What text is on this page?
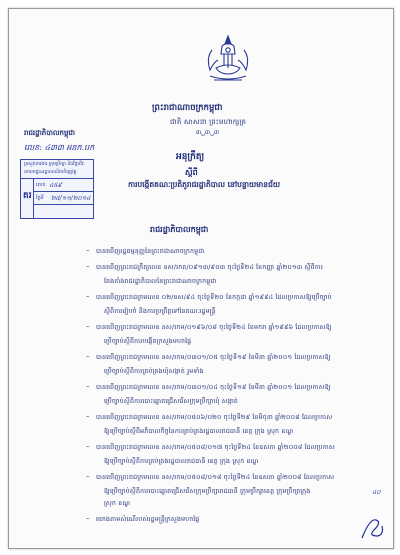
ព្រះរាជាណាចក្រកម្ពុជា
ជាតិ សាសនា ព្រះមហាក្សត្រ
៣␣៣␣៣
រាជរដ្ឋាភិបាលកម្ពុជា
លេខ: ៤៣៣ អនក.បក
អនុក្រឹត្យ
ស្តីពី
ការបង្កើតគណៈប្រតិភូរាជរដ្ឋាភិបាល នៅបន្ទាយមានជ័យ
ក្រសួងការងារ ក្រុមប្រឹក្សា និងវិជ្ជាជីវៈ
នាយកដ្ឋានរដ្ឋបាលនិងហិរញ្ញវត្ថុ
គរ
លេខ ៤៥៩
ថ្ងៃទី ២៥/១១/២០១៤
រាជរដ្ឋាភិបាលកម្ពុជា
បានឃើញរដ្ឋធម្មនុញ្ញនៃព្រះរាជាណាចក្រកម្ពុជា
បានឃើញព្រះរាជក្រឹត្យលេខ នស/រកត/០៩១៣/៩០៣ ចុះថ្ងៃទី២៤ ខែកញ្ញា ឆ្នាំ២០១៣ ស្តីពីការ
តែងតាំងរាជរដ្ឋាភិបាលនៃព្រះរាជាណាចក្រកម្ពុជា
បានឃើញព្រះរាជក្រមលេខ ០២/នស/៩៤ ចុះថ្ងៃទី២០ ខែកក្កដា ឆ្នាំ១៩៩៤ ដែលប្រកាសឱ្យប្រើច្បាប់
ស្តីពីការរៀបចំ និងការប្រព្រឹត្តទៅនៃគណៈរដ្ឋមន្ត្រី
បានឃើញព្រះរាជក្រមលេខ នស/រកម/០១៩៦/០៨ ចុះថ្ងៃទី២៤ ខែមករា ឆ្នាំ១៩៩៦ ដែលប្រកាសឱ្យ
ប្រើច្បាប់ស្តីពីការបង្កើតក្រសួងមហាផ្ទៃ
បានឃើញព្រះរាជក្រមលេខ នស/រកម/០៣០១/០៥ ចុះថ្ងៃទី១៩ ខែមីនា ឆ្នាំ២០០១ ដែលប្រកាសឱ្យ
ប្រើច្បាប់ស្តីពីការគ្រប់គ្រងឃុំសង្កាត់ រួមទាំង
បានឃើញព្រះរាជក្រមលេខ នស/រកម/០៣០១/០៤ ចុះថ្ងៃទី១៩ ខែមីនា ឆ្នាំ២០០១ ដែលប្រកាសឱ្យ
ប្រើច្បាប់ស្តីពីការបោះឆ្នោតជ្រើសរើសក្រុមប្រឹក្សាឃុំ សង្កាត់
បានឃើញព្រះរាជក្រមលេខ នស/រកម/០៥០៦/០២០ ចុះថ្ងៃទី២៩ ខែមិថុនា ឆ្នាំ២០០៨ ដែលប្រកាស
ឱ្យប្រើច្បាប់ស្តីពីអភិបាលកិច្ចនៃការគ្រប់គ្រងរដ្ឋបាលរាជធានី ខេត្ត ក្រុង ស្រុក ខណ្ឌ
បានឃើញព្រះរាជក្រមលេខ នស/រកម/០៥០៨/០១៧ ចុះថ្ងៃទី២៤ ខែឧសភា ឆ្នាំ២០០៨ ដែលប្រកាស
ឱ្យប្រើច្បាប់ស្តីពីការគ្រប់គ្រងរដ្ឋបាលរាជធានី ខេត្ត ក្រុង ស្រុក ខណ្ឌ
បានឃើញព្រះរាជក្រមលេខ នស/រកម/០៥០៨/០១៨ ចុះថ្ងៃទី២៤ ខែឧសភា ឆ្នាំ២០០៨ ដែលប្រកាស
ឱ្យប្រើច្បាប់ស្តីពីការបោះឆ្នោតជ្រើសរើសក្រុមប្រឹក្សារាជធានី ក្រុមប្រឹក្សាខេត្ត ក្រុមប្រឹក្សាក្រុង
ស្រុក ខណ្ឌ
យោងតាមសំណើរបស់រដ្ឋមន្ត្រីក្រសួងមហាផ្ទៃ
–
–
–
–
–
–
–
–
–
–
៤០
